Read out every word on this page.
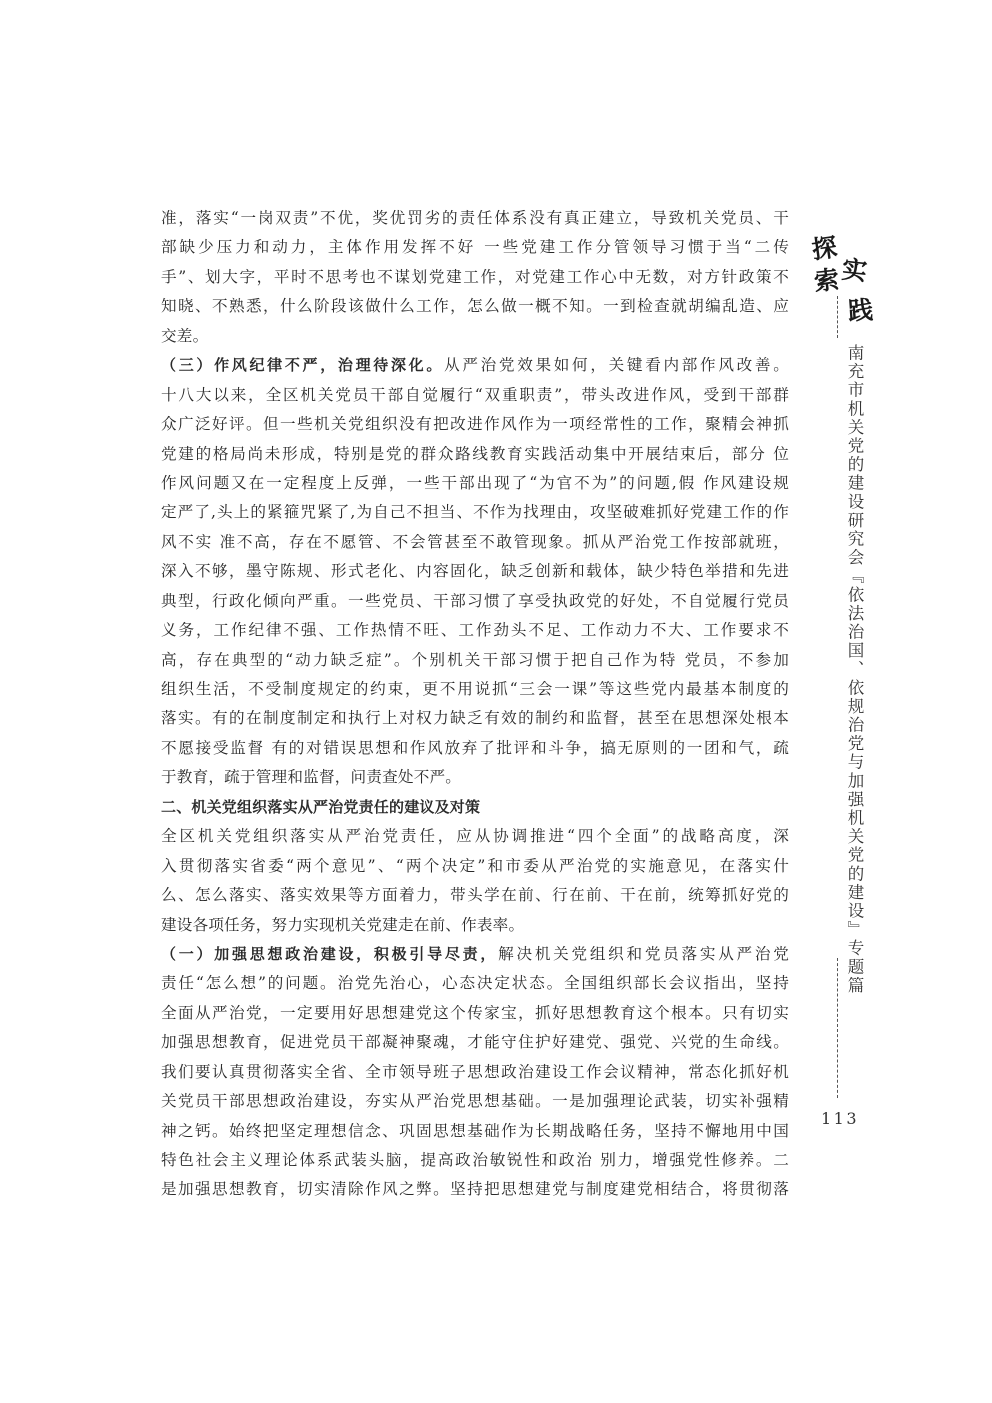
探
索 实
践
南充市机关党的建设研究会『依法治国、依规治党与加强机关党的建设』专题篇
113
准，落实“一岗双责”不优，奖优罚劣的责任体系没有真正建立，导致机关党员、干
部缺少压力和动力，主体作用发挥不好 一些党建工作分管领导习惯于当“二传
手”、划大字，平时不思考也不谋划党建工作，对党建工作心中无数，对方针政策不
知晓、不熟悉，什么阶段该做什么工作，怎么做一概不知。一到检查就胡编乱造、应
交差。
（三）作风纪律不严，治理待深化。从严治党效果如何，关键看内部作风改善。
十八大以来，全区机关党员干部自觉履行“双重职责”，带头改进作风，受到干部群
众广泛好评。但一些机关党组织没有把改进作风作为一项经常性的工作，聚精会神抓
党建的格局尚未形成，特别是党的群众路线教育实践活动集中开展结束后，部分 位
作风问题又在一定程度上反弹，一些干部出现了“为官不为”的问题,假 作风建设规
定严了,头上的紧箍咒紧了,为自己不担当、不作为找理由，攻坚破难抓好党建工作的作
风不实 准不高，存在不愿管、不会管甚至不敢管现象。抓从严治党工作按部就班，
深入不够，墨守陈规、形式老化、内容固化，缺乏创新和载体，缺少特色举措和先进
典型，行政化倾向严重。一些党员、干部习惯了享受执政党的好处，不自觉履行党员
义务，工作纪律不强、工作热情不旺、工作劲头不足、工作动力不大、工作要求不
高，存在典型的“动力缺乏症”。个别机关干部习惯于把自己作为特 党员，不参加
组织生活，不受制度规定的约束，更不用说抓“三会一课”等这些党内最基本制度的
落实。有的在制度制定和执行上对权力缺乏有效的制约和监督，甚至在思想深处根本
不愿接受监督 有的对错误思想和作风放弃了批评和斗争，搞无原则的一团和气，疏
于教育，疏于管理和监督，问责查处不严。
二、机关党组织落实从严治党责任的建议及对策
全区机关党组织落实从严治党责任，应从协调推进“四个全面”的战略高度，深
入贯彻落实省委“两个意见”、“两个决定”和市委从严治党的实施意见，在落实什
么、怎么落实、落实效果等方面着力，带头学在前、行在前、干在前，统筹抓好党的
建设各项任务，努力实现机关党建走在前、作表率。
（一）加强思想政治建设，积极引导尽责，解决机关党组织和党员落实从严治党
责任“怎么想”的问题。治党先治心，心态决定状态。全国组织部长会议指出，坚持
全面从严治党，一定要用好思想建党这个传家宝，抓好思想教育这个根本。只有切实
加强思想教育，促进党员干部凝神聚魂，才能守住护好建党、强党、兴党的生命线。
我们要认真贯彻落实全省、全市领导班子思想政治建设工作会议精神，常态化抓好机
关党员干部思想政治建设，夯实从严治党思想基础。一是加强理论武装，切实补强精
神之钙。始终把坚定理想信念、巩固思想基础作为长期战略任务，坚持不懈地用中国
特色社会主义理论体系武装头脑，提高政治敏锐性和政治 别力，增强党性修养。二
是加强思想教育，切实清除作风之弊。坚持把思想建党与制度建党相结合，将贯彻落
